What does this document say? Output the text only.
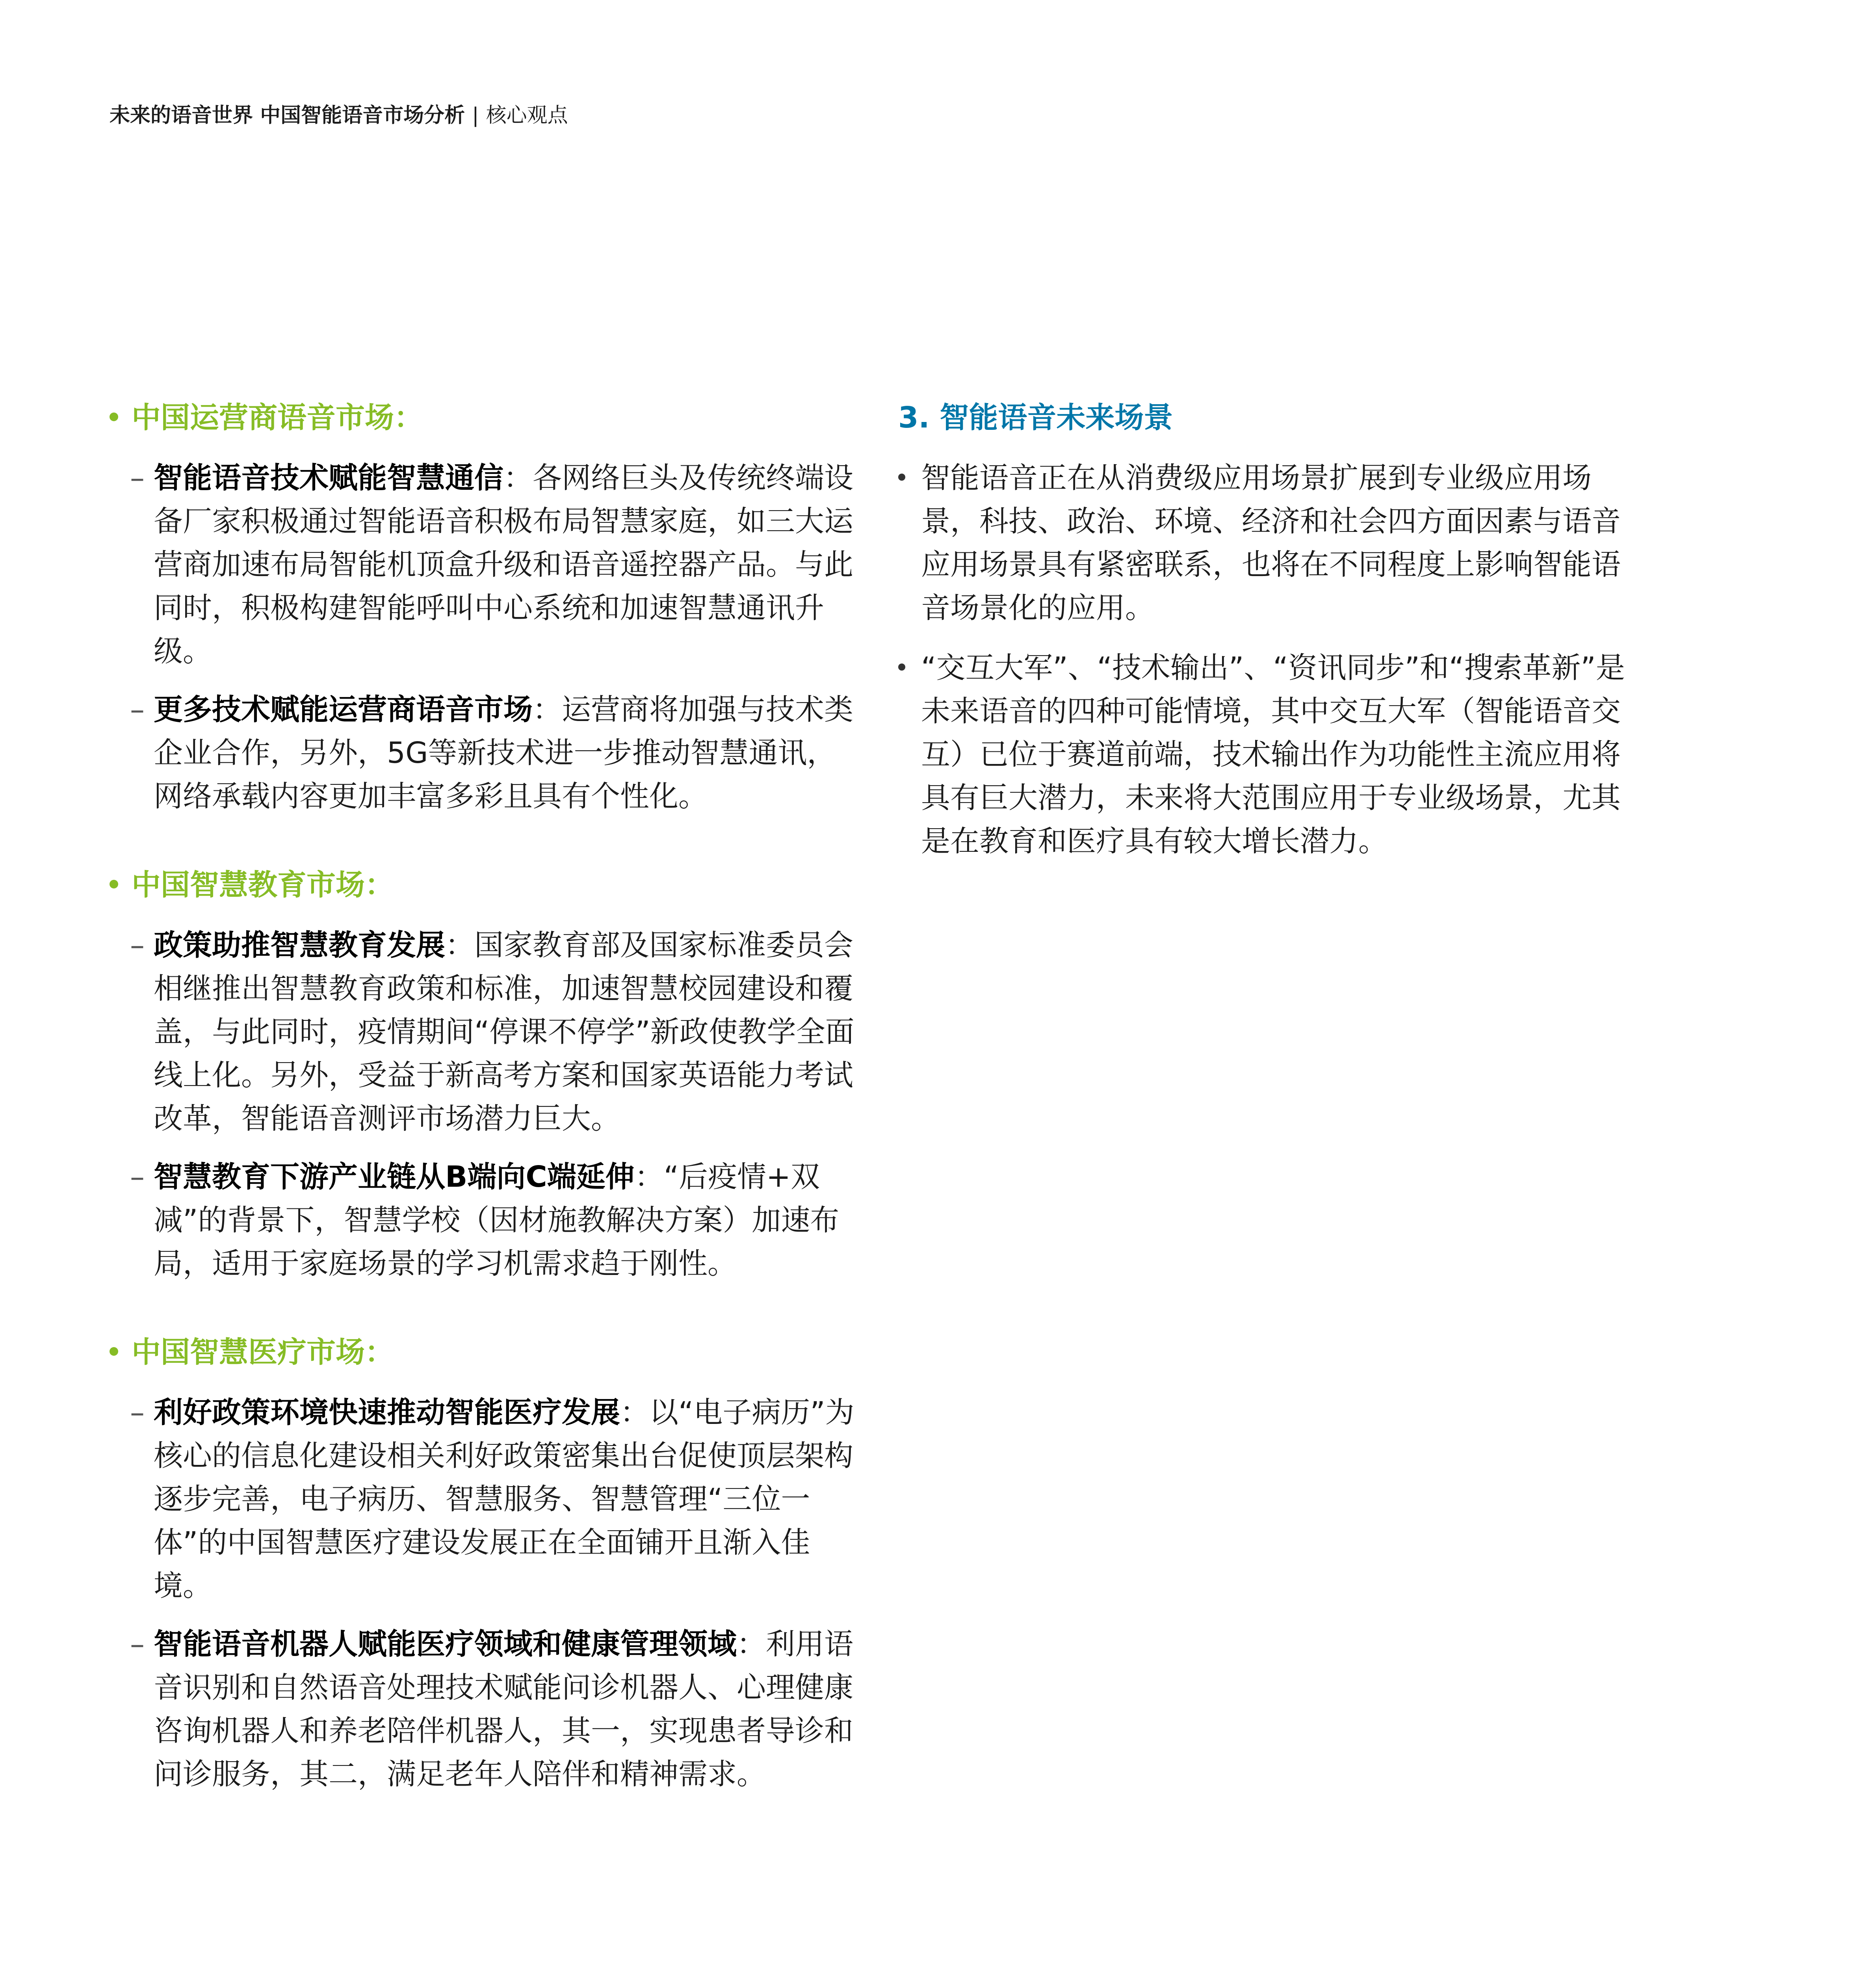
未来的语音世界 中国智能语音市场分析 | 核心观点
中国运营商语音市场：
– 智能语音技术赋能智慧通信：各网络巨头及传统终端设备厂家积极通过智能语音积极布局智慧家庭，如三大运营商加速布局智能机顶盒升级和语音遥控器产品。与此同时，积极构建智能呼叫中心系统和加速智慧通讯升级。
– 更多技术赋能运营商语音市场：运营商将加强与技术类企业合作，另外，5G等新技术进一步推动智慧通讯，网络承载内容更加丰富多彩且具有个性化。
中国智慧教育市场：
– 政策助推智慧教育发展：国家教育部及国家标准委员会相继推出智慧教育政策和标准，加速智慧校园建设和覆盖，与此同时，疫情期间“停课不停学”新政使教学全面线上化。另外，受益于新高考方案和国家英语能力考试改革，智能语音测评市场潜力巨大。
– 智慧教育下游产业链从B端向C端延伸：“后疫情+双减”的背景下，智慧学校（因材施教解决方案）加速布局，适用于家庭场景的学习机需求趋于刚性。
中国智慧医疗市场：
– 利好政策环境快速推动智能医疗发展：以“电子病历”为核心的信息化建设相关利好政策密集出台促使顶层架构逐步完善，电子病历、智慧服务、智慧管理“三位一体”的中国智慧医疗建设发展正在全面铺开且渐入佳境。
– 智能语音机器人赋能医疗领域和健康管理领域：利用语音识别和自然语音处理技术赋能问诊机器人、心理健康咨询机器人和养老陪伴机器人，其一，实现患者导诊和问诊服务，其二，满足老年人陪伴和精神需求。
3. 智能语音未来场景
智能语音正在从消费级应用场景扩展到专业级应用场景，科技、政治、环境、经济和社会四方面因素与语音应用场景具有紧密联系，也将在不同程度上影响智能语音场景化的应用。
“交互大军”、“技术输出”、“资讯同步”和“搜索革新”是未来语音的四种可能情境，其中交互大军（智能语音交互）已位于赛道前端，技术输出作为功能性主流应用将具有巨大潜力，未来将大范围应用于专业级场景，尤其是在教育和医疗具有较大增长潜力。
